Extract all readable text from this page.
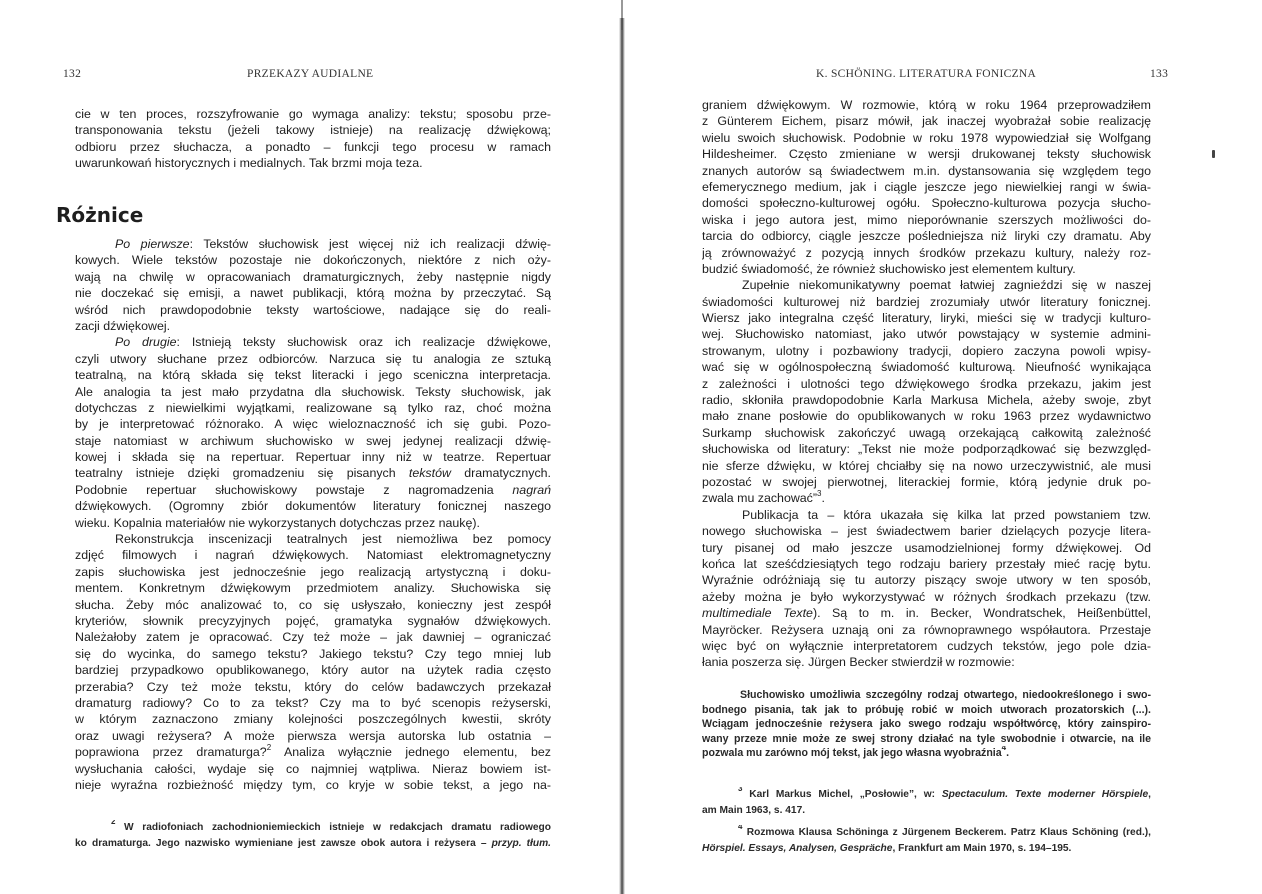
132	PRZEKAZY AUDIALNE
cie w ten proces, rozszyfrowanie go wymaga analizy: tekstu; sposobu prze-
transponowania tekstu (jeżeli takowy istnieje) na realizację dźwiękową;
odbioru przez słuchacza, a ponadto – funkcji tego procesu w ramach
uwarunkowań historycznych i medialnych. Tak brzmi moja teza.
Różnice
Po pierwsze: Tekstów słuchowisk jest więcej niż ich realizacji dźwię-
kowych. Wiele tekstów pozostaje nie dokończonych, niektóre z nich oży-
wają na chwilę w opracowaniach dramaturgicznych, żeby następnie nigdy
nie doczekać się emisji, a nawet publikacji, którą można by przeczytać. Są
wśród nich prawdopodobnie teksty wartościowe, nadające się do reali-
zacji dźwiękowej.
Po drugie: Istnieją teksty słuchowisk oraz ich realizacje dźwiękowe,
czyli utwory słuchane przez odbiorców. Narzuca się tu analogia ze sztuką
teatralną, na którą składa się tekst literacki i jego sceniczna interpretacja.
Ale analogia ta jest mało przydatna dla słuchowisk. Teksty słuchowisk, jak
dotychczas z niewielkimi wyjątkami, realizowane są tylko raz, choć można
by je interpretować różnorako. A więc wieloznaczność ich się gubi. Pozo-
staje natomiast w archiwum słuchowisko w swej jedynej realizacji dźwię-
kowej i składa się na repertuar. Repertuar inny niż w teatrze. Repertuar
teatralny istnieje dzięki gromadzeniu się pisanych tekstów dramatycznych.
Podobnie repertuar słuchowiskowy powstaje z nagromadzenia nagrań
dźwiękowych. (Ogromny zbiór dokumentów literatury fonicznej naszego
wieku. Kopalnia materiałów nie wykorzystanych dotychczas przez naukę).
Rekonstrukcja inscenizacji teatralnych jest niemożliwa bez pomocy
zdjęć filmowych i nagrań dźwiękowych. Natomiast elektromagnetyczny
zapis słuchowiska jest jednocześnie jego realizacją artystyczną i doku-
mentem. Konkretnym dźwiękowym przedmiotem analizy. Słuchowiska się
słucha. Żeby móc analizować to, co się usłyszało, konieczny jest zespół
kryteriów, słownik precyzyjnych pojęć, gramatyka sygnałów dźwiękowych.
Należałoby zatem je opracować. Czy też może – jak dawniej – ograniczać
się do wycinka, do samego tekstu? Jakiego tekstu? Czy tego mniej lub
bardziej przypadkowo opublikowanego, który autor na użytek radia często
przerabia? Czy też może tekstu, który do celów badawczych przekazał
dramaturg radiowy? Co to za tekst? Czy ma to być scenopis reżyserski,
w którym zaznaczono zmiany kolejności poszczególnych kwestii, skróty
oraz uwagi reżysera? A może pierwsza wersja autorska lub ostatnia –
poprawiona przez dramaturga?$^2$ Analiza wyłącznie jednego elementu, bez
wysłuchania całości, wydaje się co najmniej wątpliwa. Nieraz bowiem ist-
nieje wyraźna rozbieżność między tym, co kryje w sobie tekst, a jego na-
$^2$ W radiofoniach zachodnioniemieckich istnieje w redakcjach dramatu radiowego
ko dramaturga. Jego nazwisko wymieniane jest zawsze obok autora i reżysera – przyp. tłum.
K. SCHÖNING. LITERATURA FONICZNA	133
graniem dźwiękowym. W rozmowie, którą w roku 1964 przeprowadziłem
z Günterem Eichem, pisarz mówił, jak inaczej wyobrażał sobie realizację
wielu swoich słuchowisk. Podobnie w roku 1978 wypowiedział się Wolfgang
Hildesheimer. Często zmieniane w wersji drukowanej teksty słuchowisk
znanych autorów są świadectwem m.in. dystansowania się względem tego
efemerycznego medium, jak i ciągle jeszcze jego niewielkiej rangi w świa-
domości społeczno-kulturowej ogółu. Społeczno-kulturowa pozycja słucho-
wiska i jego autora jest, mimo nieporównanie szerszych możliwości do-
tarcia do odbiorcy, ciągle jeszcze pośledniejsza niż liryki czy dramatu. Aby
ją zrównoważyć z pozycją innych środków przekazu kultury, należy roz-
budzić świadomość, że również słuchowisko jest elementem kultury.
Zupełnie niekomunikatywny poemat łatwiej zagnieździ się w naszej
świadomości kulturowej niż bardziej zrozumiały utwór literatury fonicznej.
Wiersz jako integralna część literatury, liryki, mieści się w tradycji kulturo-
wej. Słuchowisko natomiast, jako utwór powstający w systemie admini-
strowanym, ulotny i pozbawiony tradycji, dopiero zaczyna powoli wpisy-
wać się w ogólnospołeczną świadomość kulturową. Nieufność wynikająca
z zależności i ulotności tego dźwiękowego środka przekazu, jakim jest
radio, skłoniła prawdopodobnie Karla Markusa Michela, ażeby swoje, zbyt
mało znane posłowie do opublikowanych w roku 1963 przez wydawnictwo
Surkamp słuchowisk zakończyć uwagą orzekającą całkowitą zależność
słuchowiska od literatury: „Tekst nie może podporządkować się bezwzględ-
nie sferze dźwięku, w której chciałby się na nowo urzeczywistnić, ale musi
pozostać w swojej pierwotnej, literackiej formie, którą jedynie druk po-
zwala mu zachować”$^3$.
Publikacja ta – która ukazała się kilka lat przed powstaniem tzw.
nowego słuchowiska – jest świadectwem barier dzielących pozycje litera-
tury pisanej od mało jeszcze usamodzielnionej formy dźwiękowej. Od
końca lat sześćdziesiątych tego rodzaju bariery przestały mieć rację bytu.
Wyraźnie odróżniają się tu autorzy piszący swoje utwory w ten sposób,
ażeby można je było wykorzystywać w różnych środkach przekazu (tzw.
multimediale Texte). Są to m. in. Becker, Wondratschek, Heißenbüttel,
Mayröcker. Reżysera uznają oni za równoprawnego współautora. Przestaje
więc być on wyłącznie interpretatorem cudzych tekstów, jego pole dzia-
łania poszerza się. Jürgen Becker stwierdził w rozmowie:
Słuchowisko umożliwia szczególny rodzaj otwartego, niedookreślonego i swo-
bodnego pisania, tak jak to próbuję robić w moich utworach prozatorskich (...).
Wciągam jednocześnie reżysera jako swego rodzaju współtwórcę, który zainspiro-
wany przeze mnie może ze swej strony działać na tyle swobodnie i otwarcie, na ile
pozwala mu zarówno mój tekst, jak jego własna wyobraźnia$^4$.
$^3$ Karl Markus Michel, „Posłowie”, w: Spectaculum. Texte moderner Hörspiele,
am Main 1963, s. 417.
$^4$ Rozmowa Klausa Schöninga z Jürgenem Beckerem. Patrz Klaus Schöning (red.),
Hörspiel. Essays, Analysen, Gespräche, Frankfurt am Main 1970, s. 194–195.
